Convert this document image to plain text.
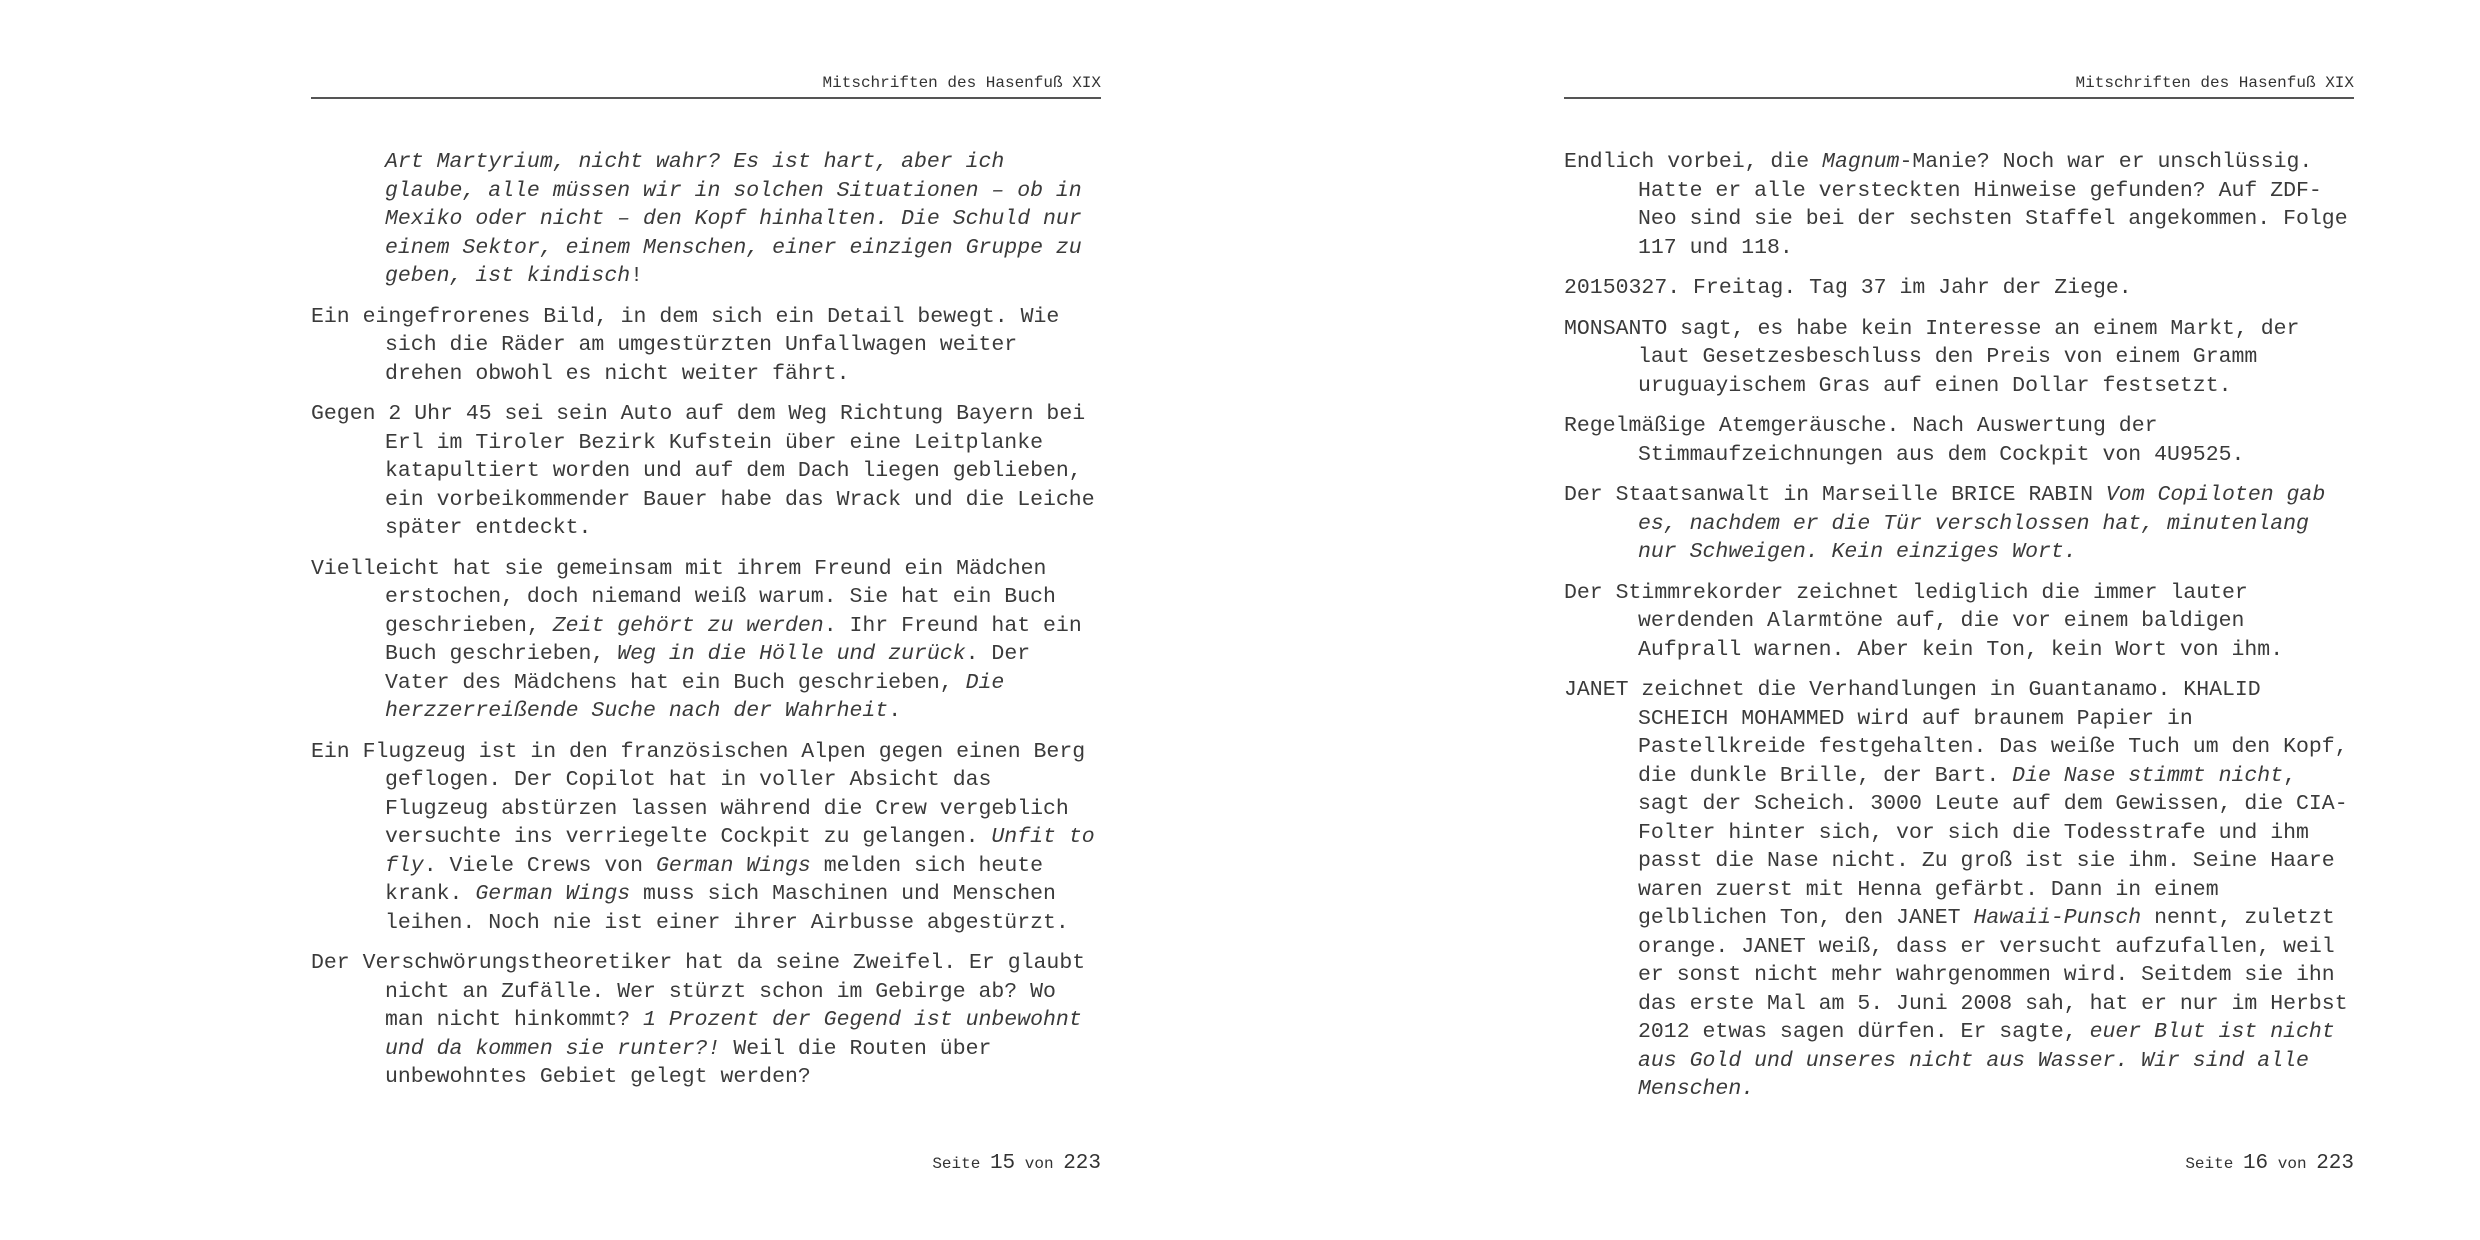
Mitschriften des Hasenfuß XIX

Art Martyrium, nicht wahr? Es ist hart, aber ich glaube, alle müssen wir in solchen Situationen – ob in Mexiko oder nicht – den Kopf hinhalten. Die Schuld nur einem Sektor, einem Menschen, einer einzigen Gruppe zu geben, ist kindisch!

Ein eingefrorenes Bild, in dem sich ein Detail bewegt. Wie sich die Räder am umgestürzten Unfallwagen weiter drehen obwohl es nicht weiter fährt.

Gegen 2 Uhr 45 sei sein Auto auf dem Weg Richtung Bayern bei Erl im Tiroler Bezirk Kufstein über eine Leitplanke katapultiert worden und auf dem Dach liegen geblieben, ein vorbeikommender Bauer habe das Wrack und die Leiche später entdeckt.

Vielleicht hat sie gemeinsam mit ihrem Freund ein Mädchen erstochen, doch niemand weiß warum. Sie hat ein Buch geschrieben, Zeit gehört zu werden. Ihr Freund hat ein Buch geschrieben, Weg in die Hölle und zurück. Der Vater des Mädchens hat ein Buch geschrieben, Die herzzerreißende Suche nach der Wahrheit.

Ein Flugzeug ist in den französischen Alpen gegen einen Berg geflogen. Der Copilot hat in voller Absicht das Flugzeug abstürzen lassen während die Crew vergeblich versuchte ins verriegelte Cockpit zu gelangen. Unfit to fly. Viele Crews von German Wings melden sich heute krank. German Wings muss sich Maschinen und Menschen leihen. Noch nie ist einer ihrer Airbusse abgestürzt.

Der Verschwörungstheoretiker hat da seine Zweifel. Er glaubt nicht an Zufälle. Wer stürzt schon im Gebirge ab? Wo man nicht hinkommt? 1 Prozent der Gegend ist unbewohnt und da kommen sie runter?! Weil die Routen über unbewohntes Gebiet gelegt werden?

Seite 15 von 223
Mitschriften des Hasenfuß XIX

Endlich vorbei, die Magnum-Manie? Noch war er unschlüssig. Hatte er alle versteckten Hinweise gefunden? Auf ZDF-Neo sind sie bei der sechsten Staffel angekommen. Folge 117 und 118.

20150327. Freitag. Tag 37 im Jahr der Ziege.

MONSANTO sagt, es habe kein Interesse an einem Markt, der laut Gesetzesbeschluss den Preis von einem Gramm uruguayischem Gras auf einen Dollar festsetzt.

Regelmäßige Atemgeräusche. Nach Auswertung der Stimmaufzeichnungen aus dem Cockpit von 4U9525.

Der Staatsanwalt in Marseille BRICE RABIN Vom Copiloten gab es, nachdem er die Tür verschlossen hat, minutenlang nur Schweigen. Kein einziges Wort.

Der Stimmrekorder zeichnet lediglich die immer lauter werdenden Alarmtöne auf, die vor einem baldigen Aufprall warnen. Aber kein Ton, kein Wort von ihm.

JANET zeichnet die Verhandlungen in Guantanamo. KHALID SCHEICH MOHAMMED wird auf braunem Papier in Pastellkreide festgehalten. Das weiße Tuch um den Kopf, die dunkle Brille, der Bart. Die Nase stimmt nicht, sagt der Scheich. 3000 Leute auf dem Gewissen, die CIA-Folter hinter sich, vor sich die Todesstrafe und ihm passt die Nase nicht. Zu groß ist sie ihm. Seine Haare waren zuerst mit Henna gefärbt. Dann in einem gelblichen Ton, den JANET Hawaii-Punsch nennt, zuletzt orange. JANET weiß, dass er versucht aufzufallen, weil er sonst nicht mehr wahrgenommen wird. Seitdem sie ihn das erste Mal am 5. Juni 2008 sah, hat er nur im Herbst 2012 etwas sagen dürfen. Er sagte, euer Blut ist nicht aus Gold und unseres nicht aus Wasser. Wir sind alle Menschen.

Seite 16 von 223
